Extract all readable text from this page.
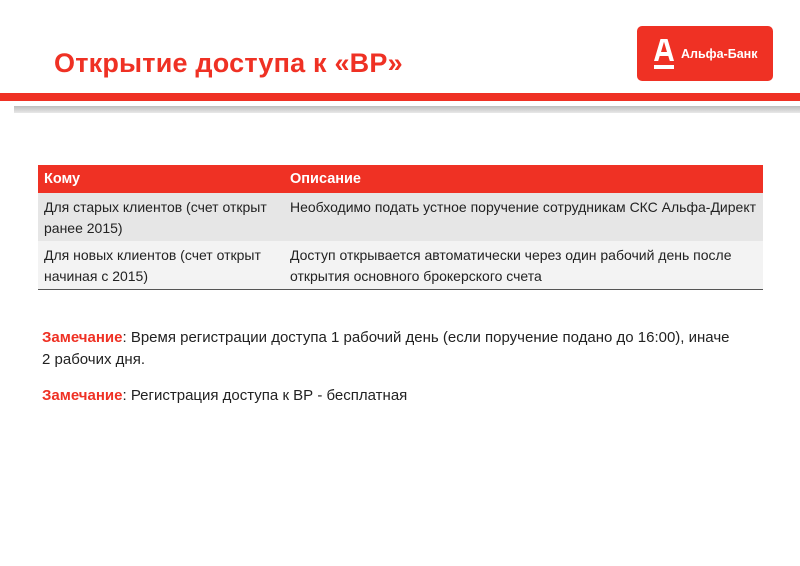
Открытие доступа к «ВР»	Альфа-Банк
Кому	Описание
Для старых клиентов (счет открыт ранее 2015)	Необходимо подать устное поручение сотрудникам СКС Альфа-Директ
Для новых клиентов (счет открыт начиная с 2015)	Доступ открывается автоматически через один рабочий день после открытия основного брокерского счета

Замечание: Время регистрации доступа 1 рабочий день (если поручение подано до 16:00), иначе 2 рабочих дня.

Замечание: Регистрация доступа к ВР - бесплатная
